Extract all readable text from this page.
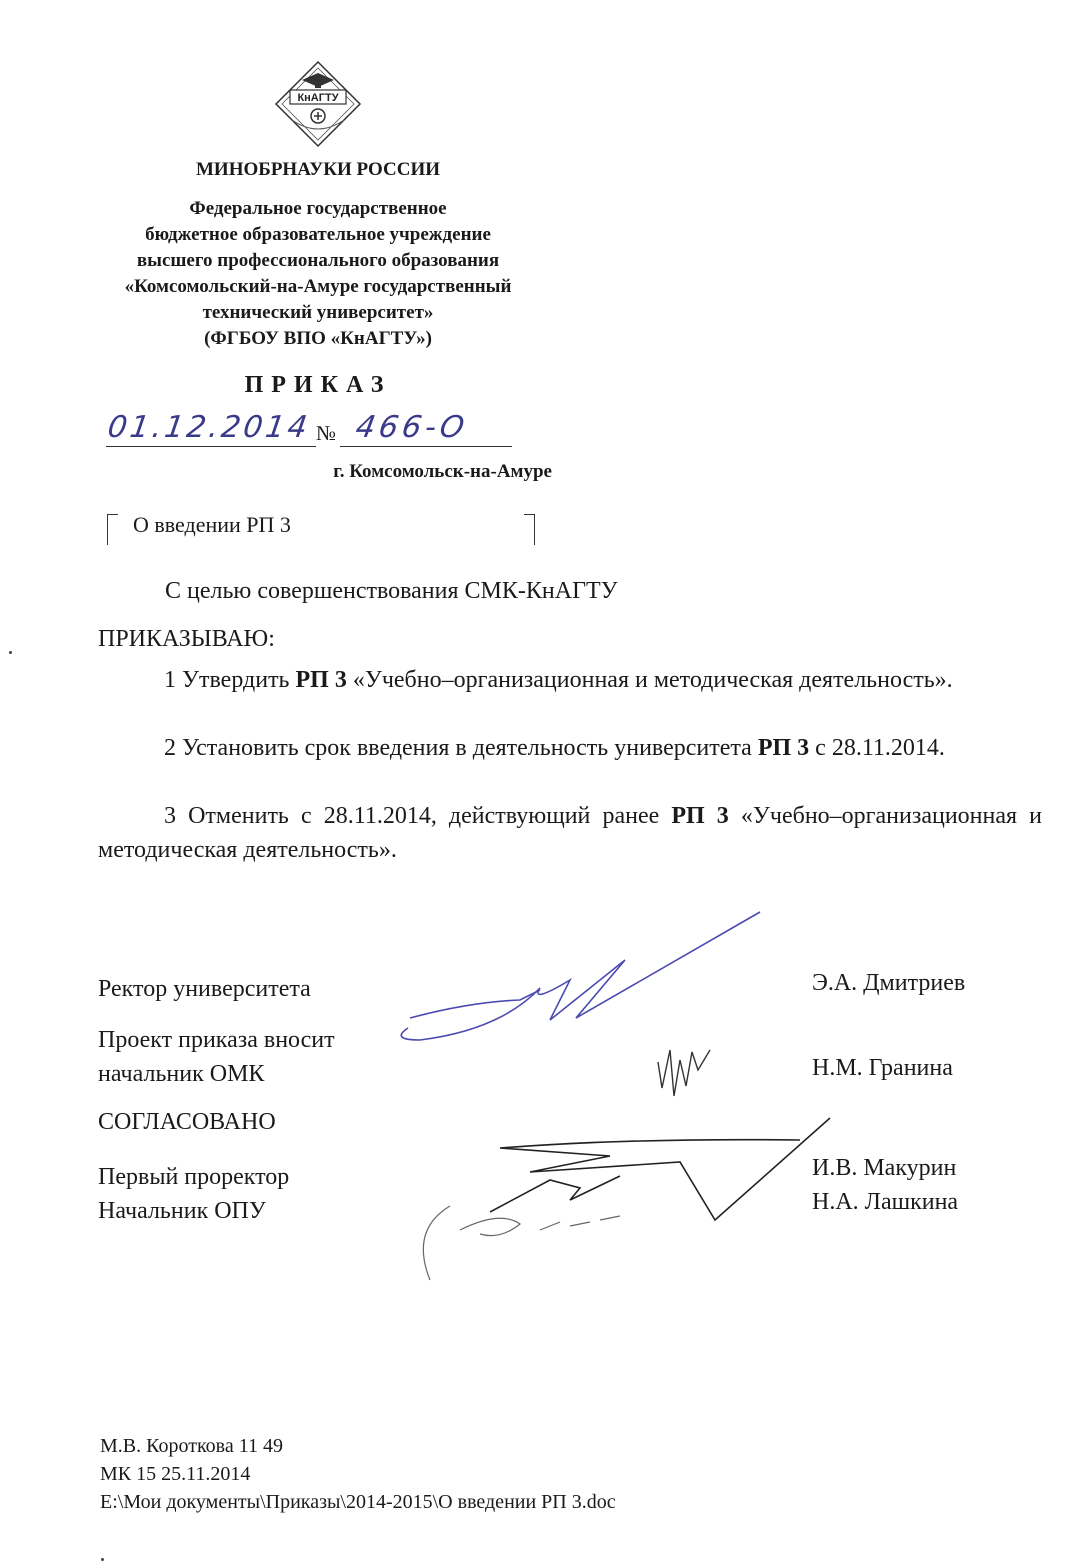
КнАГТУ
МИНОБРНАУКИ РОССИИ
Федеральное государственное
бюджетное образовательное учреждение
высшего профессионального образования
«Комсомольский-на-Амуре государственный
технический университет»
(ФГБОУ ВПО «КнАГТУ»)
ПРИКАЗ
01.12.2014 № 466-О
г. Комсомольск-на-Амуре
О введении РП 3
С целью совершенствования СМК-КнАГТУ
ПРИКАЗЫВАЮ:
1 Утвердить РП 3 «Учебно–организационная и методическая деятельность».
2 Установить срок введения в деятельность университета РП 3 с 28.11.2014.
3 Отменить с 28.11.2014, действующий ранее РП 3 «Учебно–организационная и методическая деятельность».
Ректор университета	Э.А. Дмитриев
Проект приказа вносит
начальник ОМК	Н.М. Гранина
СОГЛАСОВАНО
Первый проректор
Начальник ОПУ
И.В. Макурин
Н.А. Лашкина
М.В. Короткова 11 49
МК 15 25.11.2014
E:\Мои документы\Приказы\2014-2015\О введении РП 3.doc
